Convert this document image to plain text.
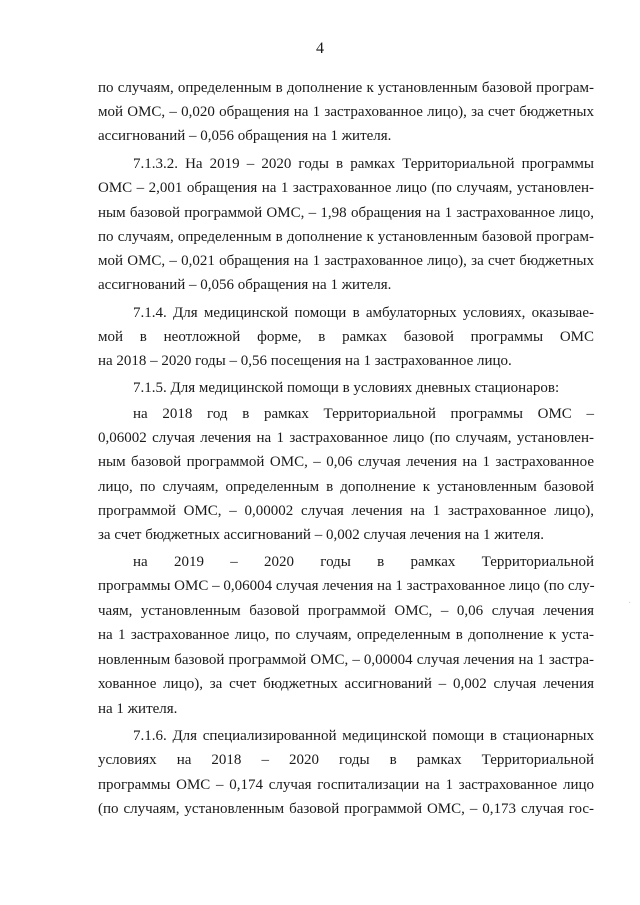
4
по случаям, определенным в дополнение к установленным базовой програм-
мой ОМС, – 0,020 обращения на 1 застрахованное лицо), за счет бюджетных
ассигнований – 0,056 обращения на 1 жителя.
7.1.3.2. На 2019 – 2020 годы в рамках Территориальной программы
ОМС – 2,001 обращения на 1 застрахованное лицо (по случаям, установлен-
ным базовой программой ОМС, – 1,98 обращения на 1 застрахованное лицо,
по случаям, определенным в дополнение к установленным базовой програм-
мой ОМС, – 0,021 обращения на 1 застрахованное лицо), за счет бюджетных
ассигнований – 0,056 обращения на 1 жителя.
7.1.4. Для медицинской помощи в амбулаторных условиях, оказывае-
мой в неотложной форме, в рамках базовой программы ОМС
на 2018 – 2020 годы – 0,56 посещения на 1 застрахованное лицо.
7.1.5. Для медицинской помощи в условиях дневных стационаров:
на 2018 год в рамках Территориальной программы ОМС –
0,06002 случая лечения на 1 застрахованное лицо (по случаям, установлен-
ным базовой программой ОМС, – 0,06 случая лечения на 1 застрахованное
лицо, по случаям, определенным в дополнение к установленным базовой
программой ОМС, – 0,00002 случая лечения на 1 застрахованное лицо),
за счет бюджетных ассигнований – 0,002 случая лечения на 1 жителя.
на 2019 – 2020 годы в рамках Территориальной
программы ОМС – 0,06004 случая лечения на 1 застрахованное лицо (по слу-
чаям, установленным базовой программой ОМС, – 0,06 случая лечения
на 1 застрахованное лицо, по случаям, определенным в дополнение к уста-
новленным базовой программой ОМС, – 0,00004 случая лечения на 1 застра-
хованное лицо), за счет бюджетных ассигнований – 0,002 случая лечения
на 1 жителя.
7.1.6. Для специализированной медицинской помощи в стационарных
условиях на 2018 – 2020 годы в рамках Территориальной
программы ОМС – 0,174 случая госпитализации на 1 застрахованное лицо
(по случаям, установленным базовой программой ОМС, – 0,173 случая гос-
·
